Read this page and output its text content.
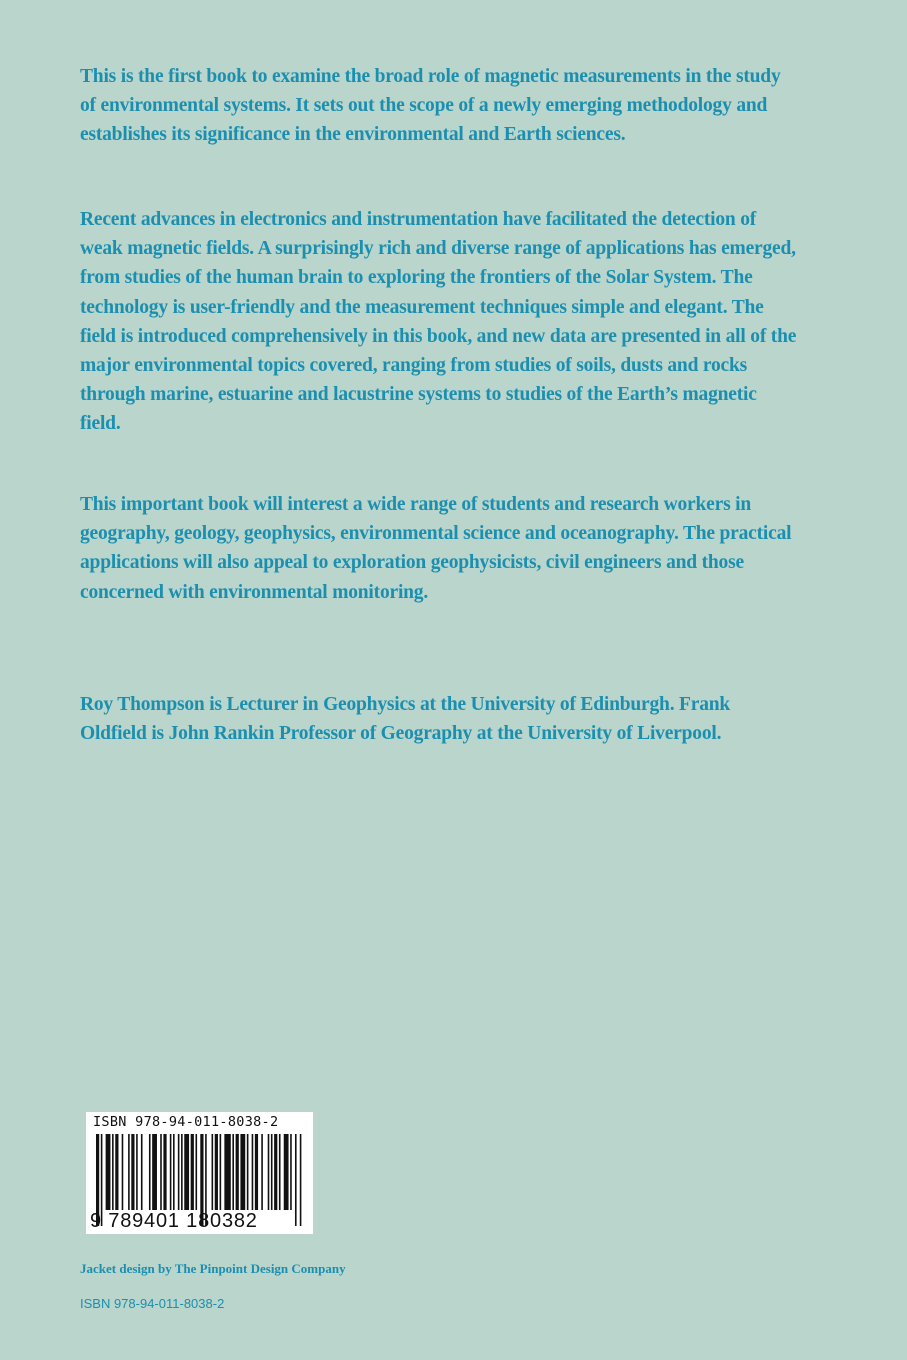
This is the first book to examine the broad role of magnetic measurements in the study of environmental systems. It sets out the scope of a newly emerging methodology and establishes its significance in the environmental and Earth sciences.

Recent advances in electronics and instrumentation have facilitated the detection of weak magnetic fields. A surprisingly rich and diverse range of applications has emerged, from studies of the human brain to exploring the frontiers of the Solar System. The technology is user-friendly and the measurement techniques simple and elegant. The field is introduced comprehensively in this book, and new data are presented in all of the major environmental topics covered, ranging from studies of soils, dusts and rocks through marine, estuarine and lacustrine systems to studies of the Earth’s magnetic field.

This important book will interest a wide range of students and research workers in geography, geology, geophysics, environmental science and oceanography. The practical applications will also appeal to exploration geophysicists, civil engineers and those concerned with environmental monitoring.

Roy Thompson is Lecturer in Geophysics at the University of Edinburgh. Frank Oldfield is John Rankin Professor of Geography at the University of Liverpool.

ISBN 978-94-011-8038-2
9 789401 180382
Jacket design by The Pinpoint Design Company
ISBN 978-94-011-8038-2
